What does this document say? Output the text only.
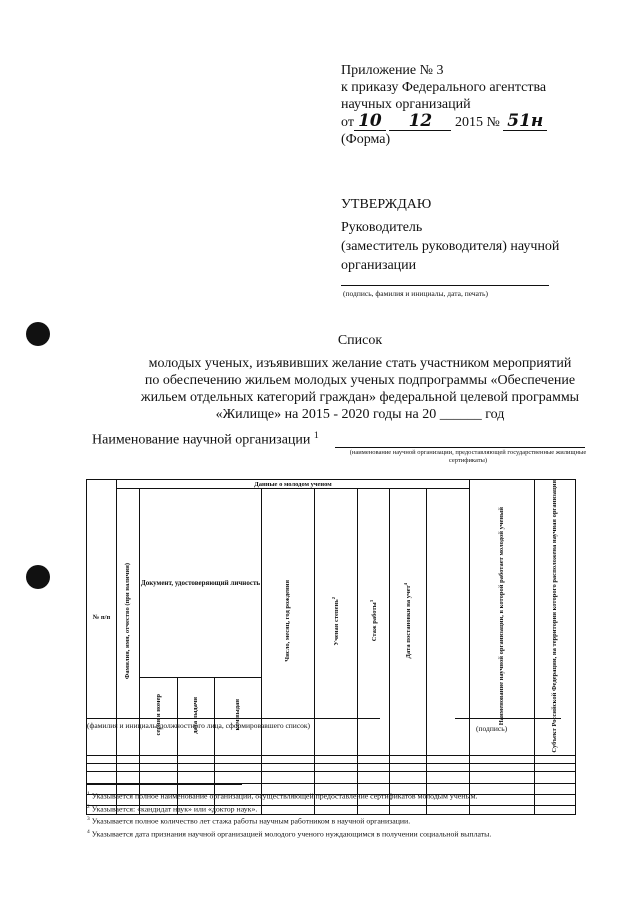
Приложение № 3
к приказу Федерального агентства
научных организаций
от 10 12 2015 № 51н
(Форма)
УТВЕРЖДАЮ
Руководитель
(заместитель руководителя) научной
организации
(подпись, фамилия и инициалы, дата, печать)
Список
молодых ученых, изъявивших желание стать участником мероприятий
по обеспечению жильем молодых ученых подпрограммы «Обеспечение
жильем отдельных категорий граждан» федеральной целевой программы
«Жилище» на 2015 - 2020 годы на 20 ______ год
Наименование научной организации $^1$
(наименование научной организации, предоставляющей государственные жилищные сертификаты)
№ п/п	Данные о молодом ученом									Наименование научной организации, в которой работает молодой ученый	Субъект Российской Федерации, на территории которого расположена научная организация	
	Фамилия, имя, отчество (при наличии)	Документ, удостоверяющий личность			Число, месяц, год рождения	Ученая степень$^2$	Стаж работы$^3$	Дата постановки на учет$^4$
		серия и номер	дата выдачи	кем выдан								

(фамилия и инициалы должностного лица, сформировавшего список)	(подпись)

$^1$ Указывается полное наименование организации, осуществляющей предоставление сертификатов молодым ученым.

$^2$ Указывается: «кандидат наук» или «доктор наук».

$^3$ Указывается полное количество лет стажа работы научным работником в научной организации.

$^4$ Указывается дата признания научной организацией молодого ученого нуждающимся в получении социальной выплаты.
